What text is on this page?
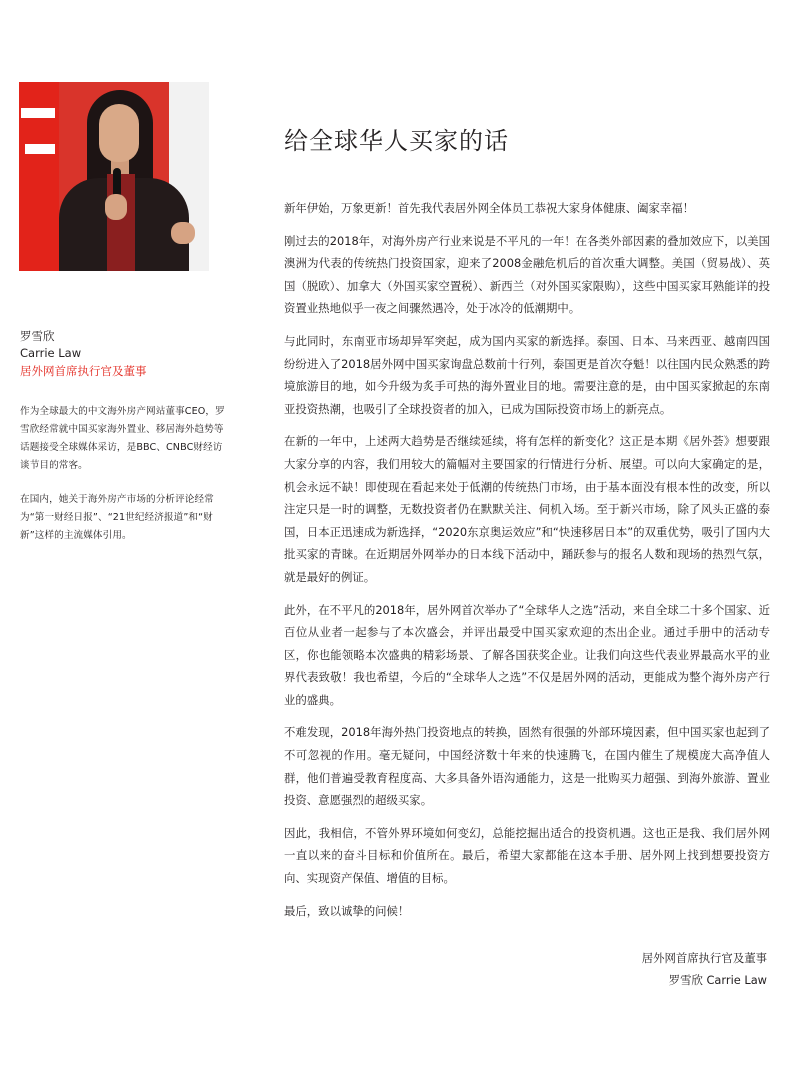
罗雪欣
Carrie Law
居外网首席执行官及董事

作为全球最大的中文海外房产网站董事CEO，罗雪欣经常就中国买家海外置业、移居海外趋势等话题接受全球媒体采访，是BBC、CNBC财经访谈节目的常客。

在国内，她关于海外房产市场的分析评论经常为“第一财经日报”、“21世纪经济报道”和“财新”这样的主流媒体引用。

给全球华人买家的话

新年伊始，万象更新！首先我代表居外网全体员工恭祝大家身体健康、阖家幸福！

刚过去的2018年，对海外房产行业来说是不平凡的一年！在各类外部因素的叠加效应下，以美国澳洲为代表的传统热门投资国家，迎来了2008金融危机后的首次重大调整。美国（贸易战）、英国（脱欧）、加拿大（外国买家空置税）、新西兰（对外国买家限购），这些中国买家耳熟能详的投资置业热地似乎一夜之间骤然遇冷，处于冰冷的低潮期中。

与此同时，东南亚市场却异军突起，成为国内买家的新选择。泰国、日本、马来西亚、越南四国纷纷进入了2018居外网中国买家询盘总数前十行列，泰国更是首次夺魁！以往国内民众熟悉的跨境旅游目的地，如今升级为炙手可热的海外置业目的地。需要注意的是，由中国买家掀起的东南亚投资热潮，也吸引了全球投资者的加入，已成为国际投资市场上的新亮点。

在新的一年中，上述两大趋势是否继续延续，将有怎样的新变化？这正是本期《居外荟》想要跟大家分享的内容，我们用较大的篇幅对主要国家的行情进行分析、展望。可以向大家确定的是，机会永远不缺！即使现在看起来处于低潮的传统热门市场，由于基本面没有根本性的改变，所以注定只是一时的调整，无数投资者仍在默默关注、伺机入场。至于新兴市场，除了风头正盛的泰国，日本正迅速成为新选择，“2020东京奥运效应”和“快速移居日本”的双重优势，吸引了国内大批买家的青睐。在近期居外网举办的日本线下活动中，踊跃参与的报名人数和现场的热烈气氛，就是最好的例证。

此外，在不平凡的2018年，居外网首次举办了“全球华人之选”活动，来自全球二十多个国家、近百位从业者一起参与了本次盛会，并评出最受中国买家欢迎的杰出企业。通过手册中的活动专区，你也能领略本次盛典的精彩场景、了解各国获奖企业。让我们向这些代表业界最高水平的业界代表致敬！我也希望，今后的“全球华人之选”不仅是居外网的活动，更能成为整个海外房产行业的盛典。

不难发现，2018年海外热门投资地点的转换，固然有很强的外部环境因素，但中国买家也起到了不可忽视的作用。毫无疑问，中国经济数十年来的快速腾飞，在国内催生了规模庞大高净值人群，他们普遍受教育程度高、大多具备外语沟通能力，这是一批购买力超强、到海外旅游、置业投资、意愿强烈的超级买家。

因此，我相信，不管外界环境如何变幻，总能挖掘出适合的投资机遇。这也正是我、我们居外网一直以来的奋斗目标和价值所在。最后，希望大家都能在这本手册、居外网上找到想要投资方向、实现资产保值、增值的目标。

最后，致以诚挚的问候！

居外网首席执行官及董事
罗雪欣 Carrie Law
